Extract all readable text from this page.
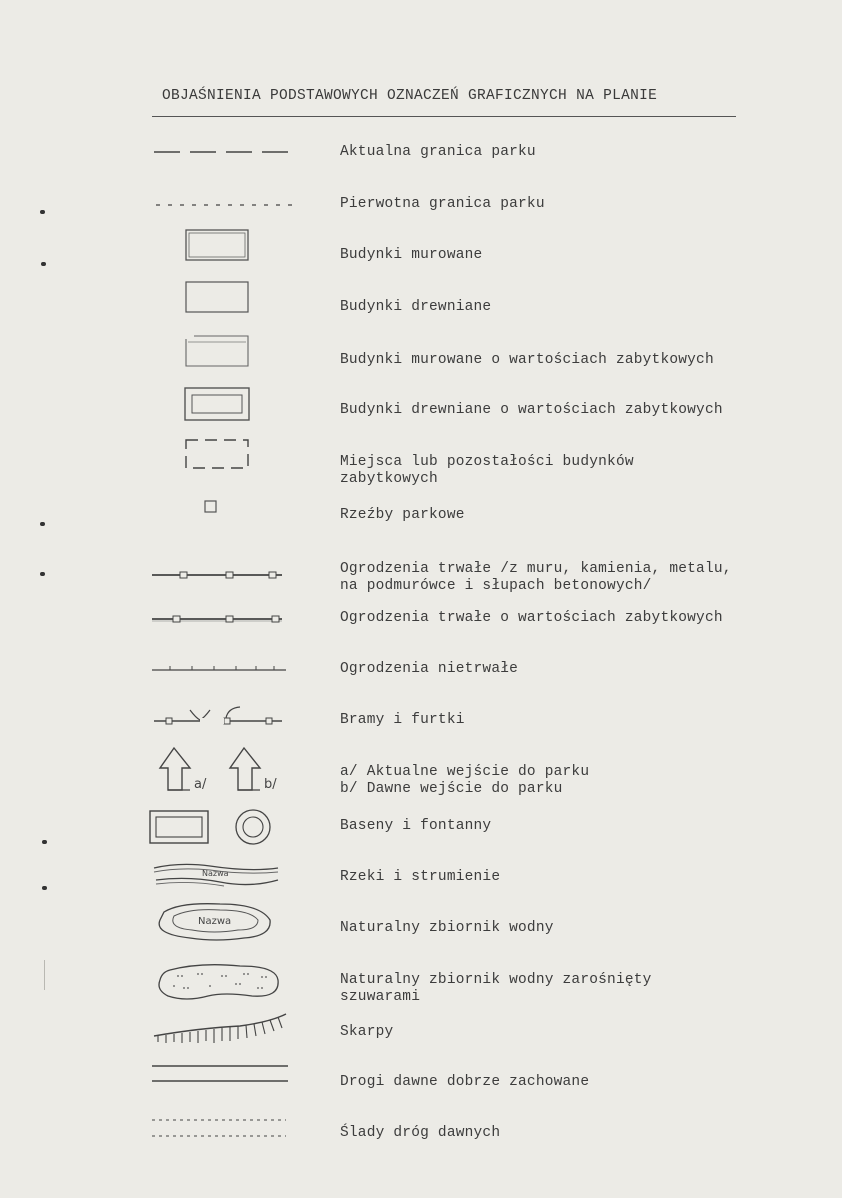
OBJAŚNIENIA PODSTAWOWYCH OZNACZEŃ GRAFICZNYCH NA PLANIE
Aktualna granica parku
Pierwotna granica parku
Budynki murowane
Budynki drewniane
Budynki murowane o wartościach zabytkowych
Budynki drewniane o wartościach zabytkowych
Miejsca lub pozostałości budynków
zabytkowych
Rzeźby parkowe
Ogrodzenia trwałe /z muru, kamienia, metalu,
na podmurówce i słupach betonowych/
Ogrodzenia trwałe o wartościach zabytkowych
Ogrodzenia nietrwałe
Bramy i furtki
a/	b/
a/ Aktualne wejście do parku
b/ Dawne wejście do parku
Baseny i fontanny
Nazwa	Rzeki i strumienie
Nazwa	Naturalny zbiornik wodny
Naturalny zbiornik wodny zarośnięty
szuwarami
Skarpy
Drogi dawne dobrze zachowane
Ślady dróg dawnych
